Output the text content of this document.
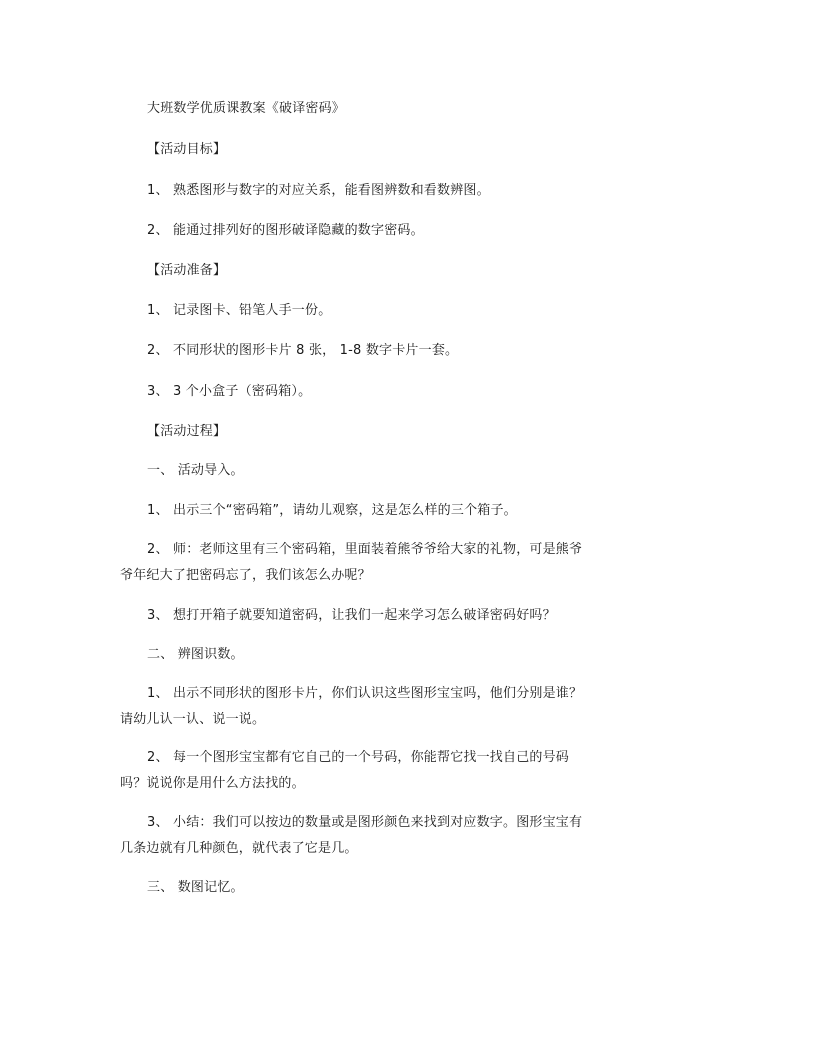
大班数学优质课教案《破译密码》
【活动目标】
1、 熟悉图形与数字的对应关系，能看图辨数和看数辨图。
2、 能通过排列好的图形破译隐藏的数字密码。
【活动准备】
1、 记录图卡、铅笔人手一份。
2、 不同形状的图形卡片 8 张， 1-8 数字卡片一套。
3、 3 个小盒子（密码箱）。
【活动过程】
一、 活动导入。
1、 出示三个“密码箱”，请幼儿观察，这是怎么样的三个箱子。
2、 师：老师这里有三个密码箱，里面装着熊爷爷给大家的礼物，可是熊爷爷年纪大了把密码忘了，我们该怎么办呢？
3、 想打开箱子就要知道密码，让我们一起来学习怎么破译密码好吗？
二、 辨图识数。
1、 出示不同形状的图形卡片，你们认识这些图形宝宝吗，他们分别是谁？请幼儿认一认、说一说。
2、 每一个图形宝宝都有它自己的一个号码，你能帮它找一找自己的号码吗？说说你是用什么方法找的。
3、 小结：我们可以按边的数量或是图形颜色来找到对应数字。图形宝宝有几条边就有几种颜色，就代表了它是几。
三、 数图记忆。
